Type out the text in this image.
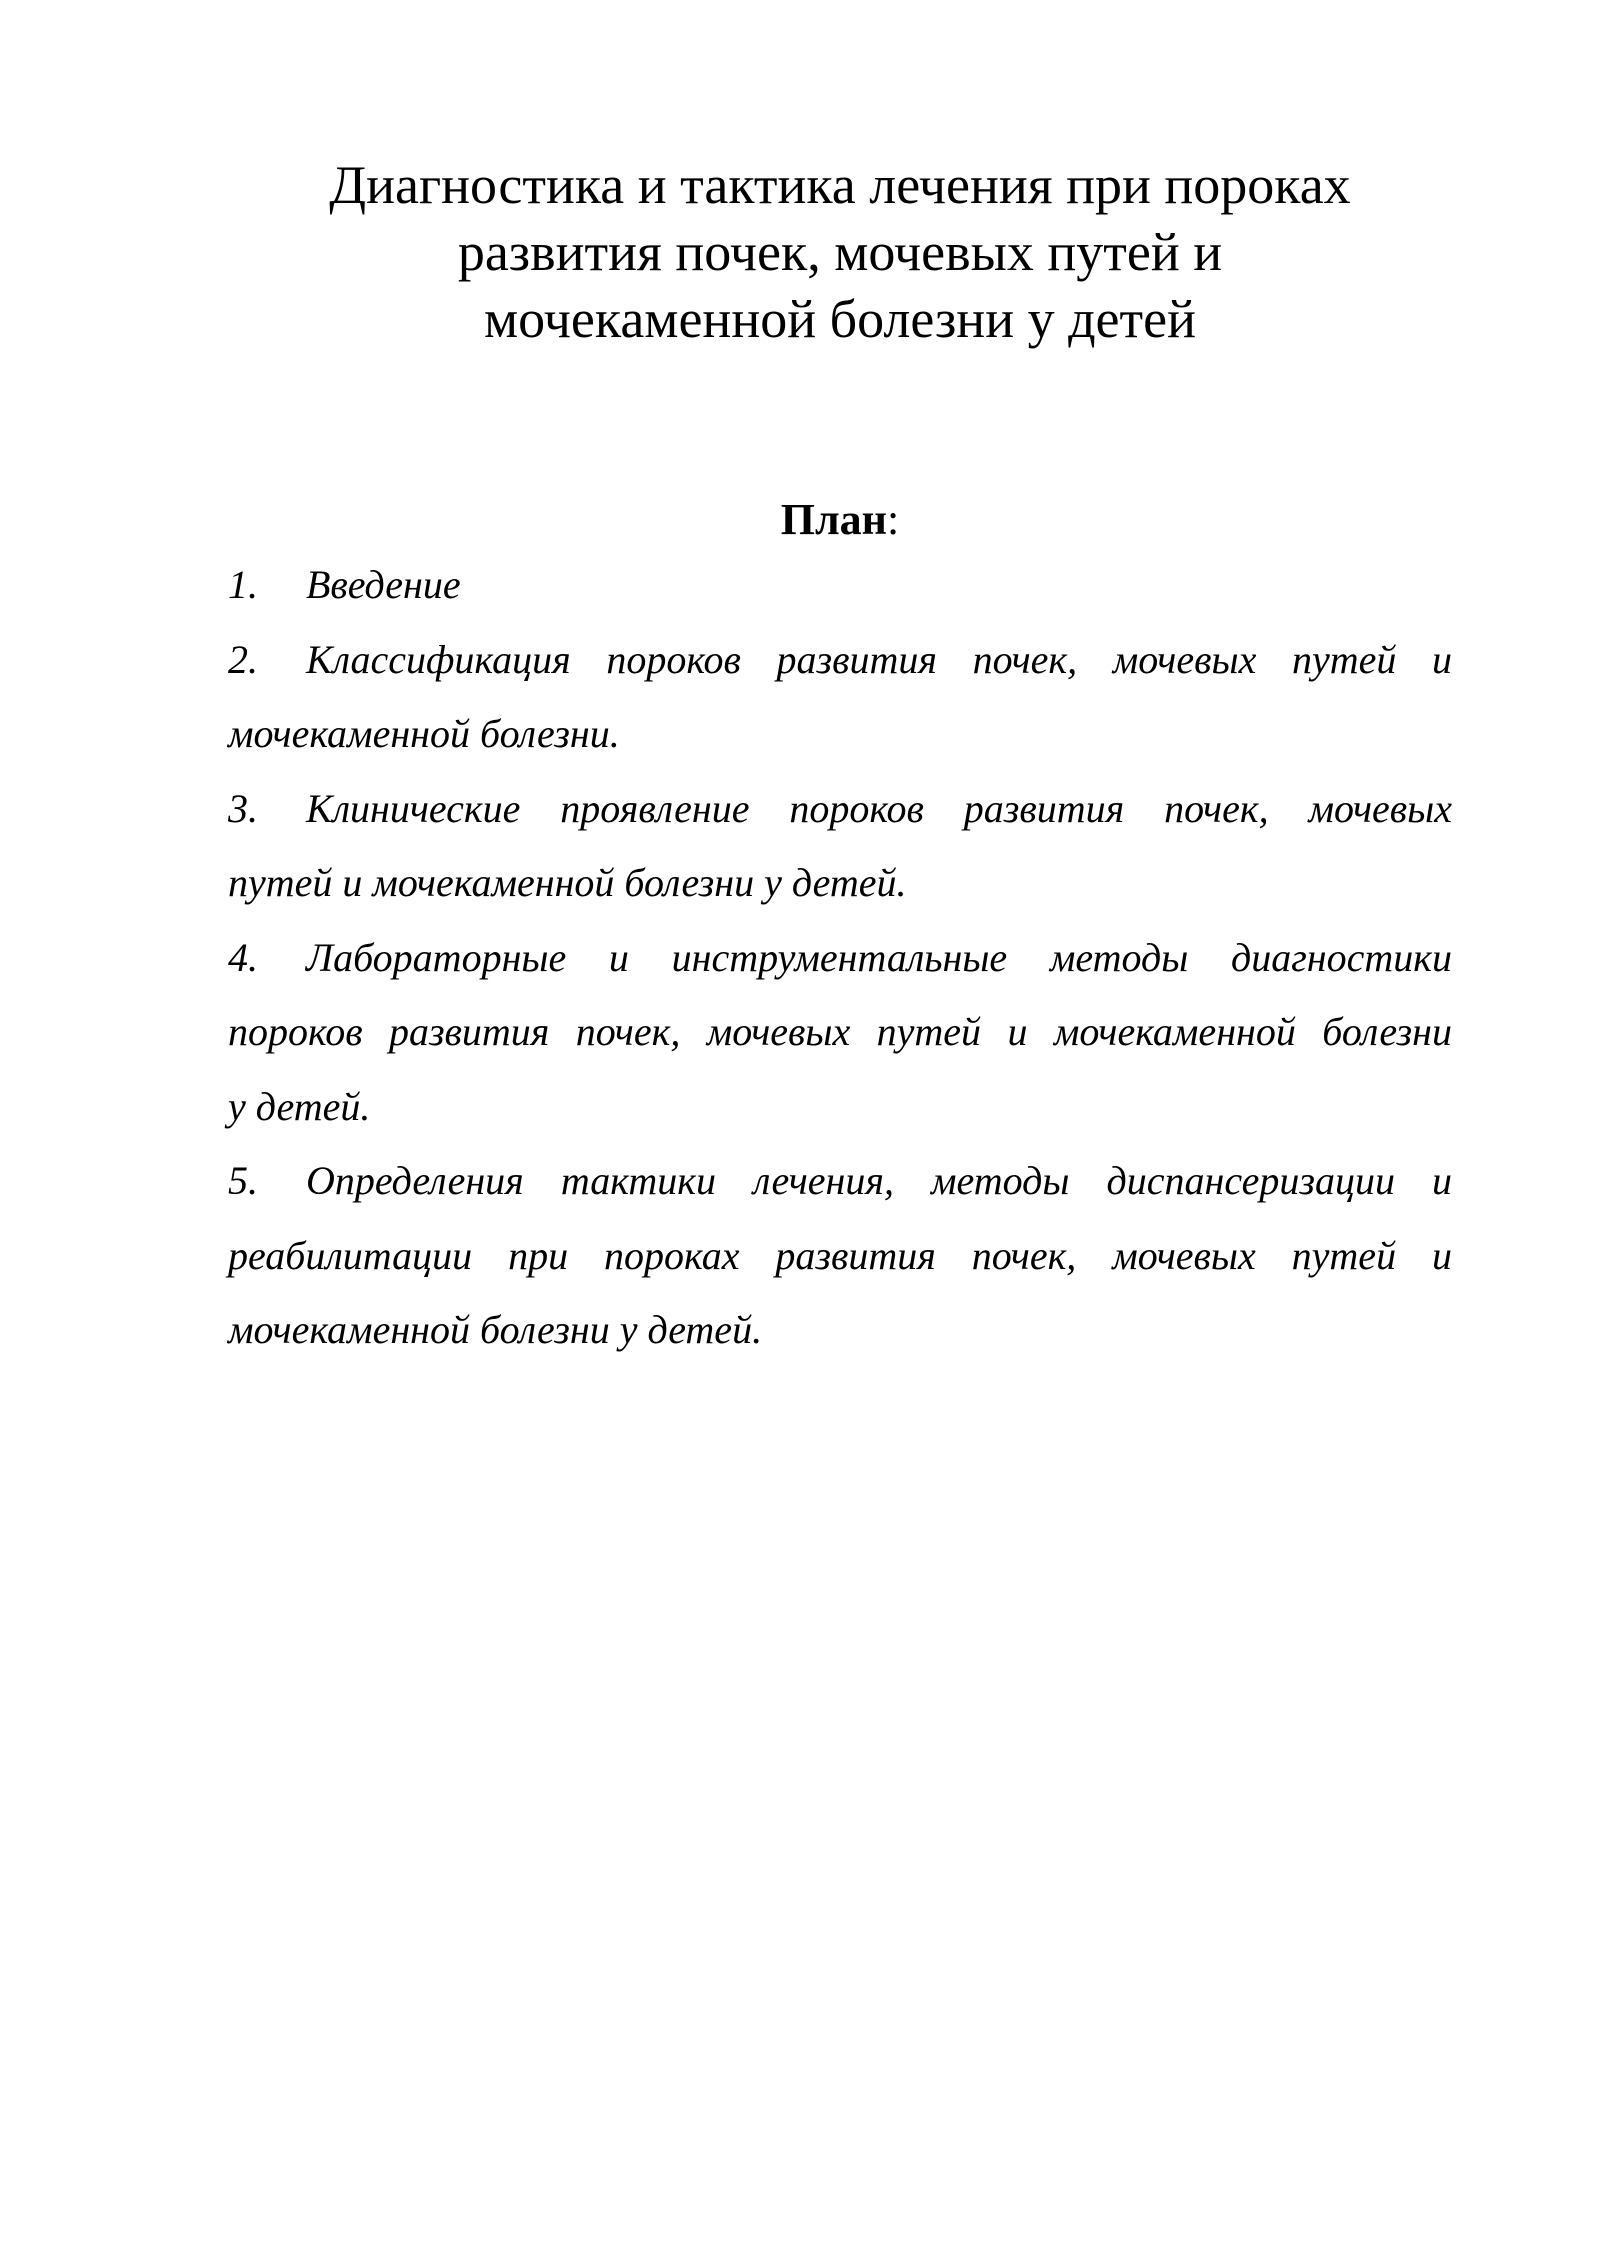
Диагностика и тактика лечения при пороках
развития почек, мочевых путей и
мочекаменной болезни у детей
План:
1. Введение
2. Классификация пороков развития почек, мочевых путей и
мочекаменной болезни.
3. Клинические проявление пороков развития почек, мочевых
путей и мочекаменной болезни у детей.
4. Лабораторные и инструментальные методы диагностики
пороков развития почек, мочевых путей и мочекаменной болезни
у детей.
5. Определения тактики лечения, методы диспансеризации и
реабилитации при пороках развития почек, мочевых путей и
мочекаменной болезни у детей.
